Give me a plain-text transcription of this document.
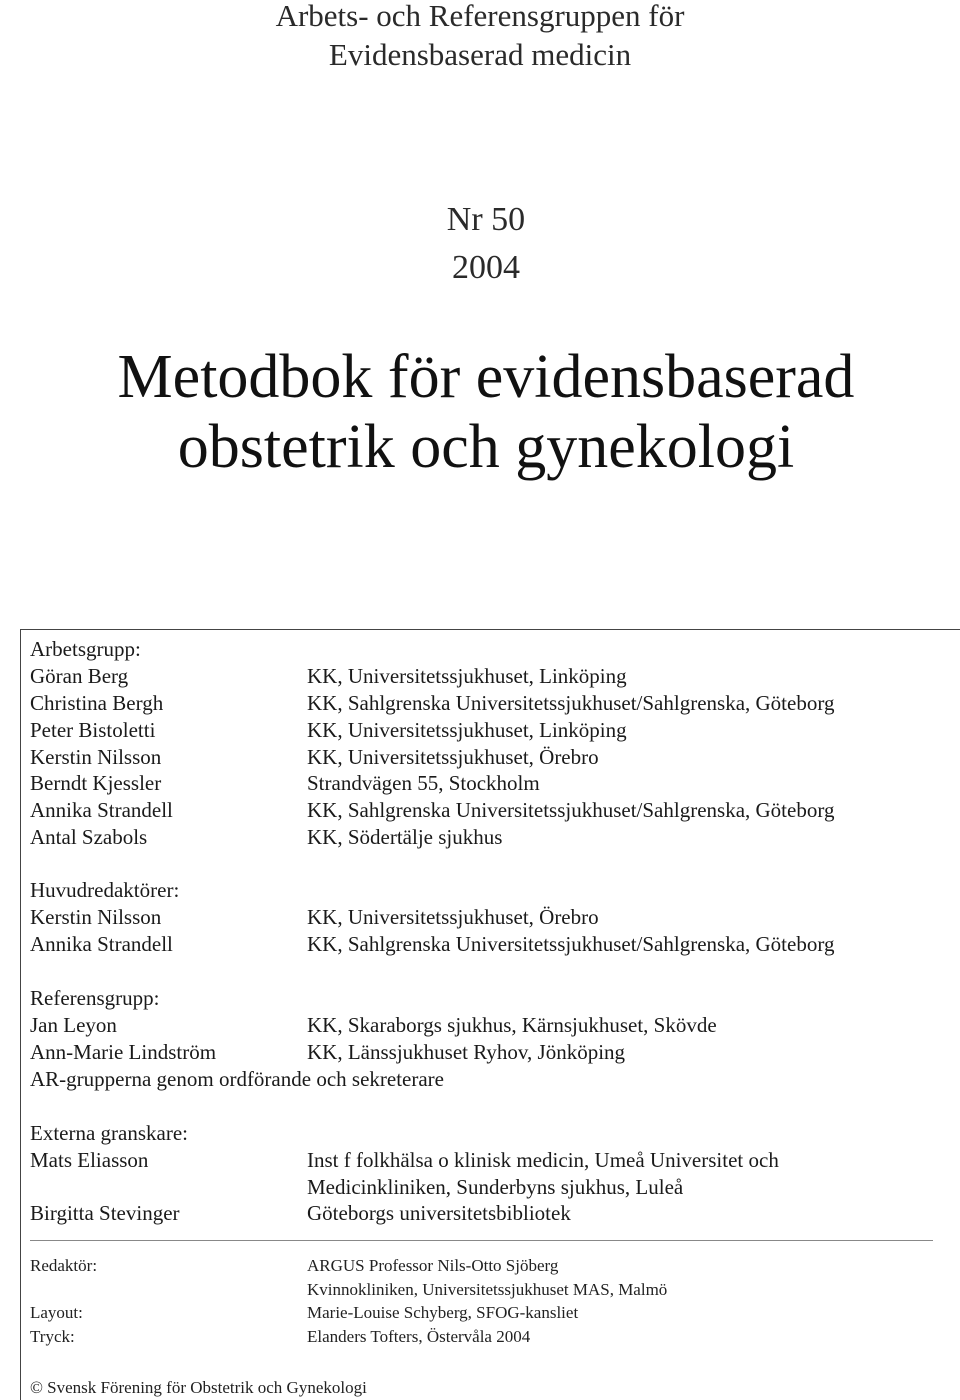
Arbets- och Referensgruppen för
Evidensbaserad medicin
Nr 50
2004
Metodbok för evidensbaserad
obstetrik och gynekologi
Arbetsgrupp:
Göran Berg	KK, Universitetssjukhuset, Linköping
Christina Bergh	KK, Sahlgrenska Universitetssjukhuset/Sahlgrenska, Göteborg
Peter Bistoletti	KK, Universitetssjukhuset, Linköping
Kerstin Nilsson	KK, Universitetssjukhuset, Örebro
Berndt Kjessler	Strandvägen 55, Stockholm
Annika Strandell	KK, Sahlgrenska Universitetssjukhuset/Sahlgrenska, Göteborg
Antal Szabols	KK, Södertälje sjukhus
Huvudredaktörer:
Kerstin Nilsson	KK, Universitetssjukhuset, Örebro
Annika Strandell	KK, Sahlgrenska Universitetssjukhuset/Sahlgrenska, Göteborg
Referensgrupp:
Jan Leyon	KK, Skaraborgs sjukhus, Kärnsjukhuset, Skövde
Ann-Marie Lindström	KK, Länssjukhuset Ryhov, Jönköping
AR-grupperna genom ordförande och sekreterare
Externa granskare:
Mats Eliasson	Inst f folkhälsa o klinisk medicin, Umeå Universitet och
Medicinkliniken, Sunderbyns sjukhus, Luleå
Birgitta Stevinger	Göteborgs universitetsbibliotek
Redaktör:	ARGUS Professor Nils-Otto Sjöberg
Kvinnokliniken, Universitetssjukhuset MAS, Malmö
Layout:	Marie-Louise Schyberg, SFOG-kansliet
Tryck:	Elanders Tofters, Östervåla 2004
© Svensk Förening för Obstetrik och Gynekologi
